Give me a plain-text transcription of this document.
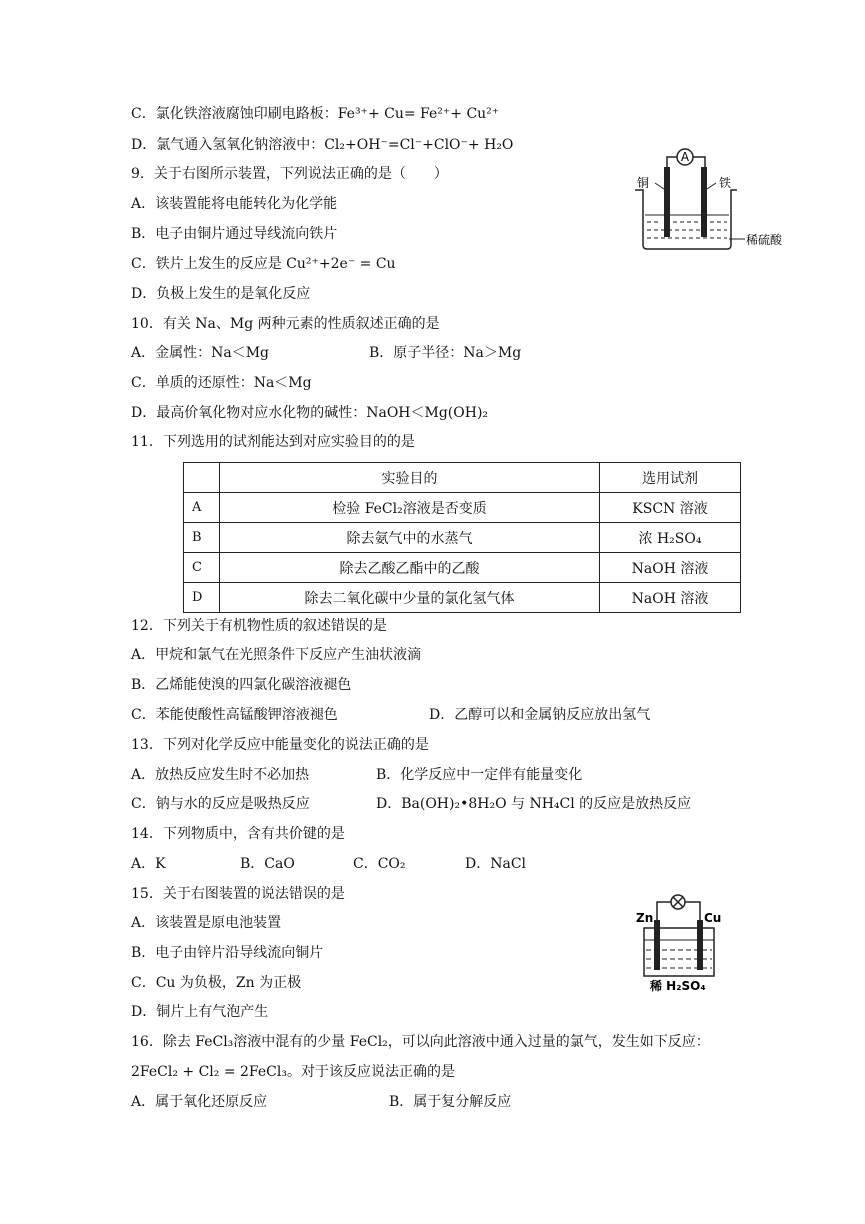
C．氯化铁溶液腐蚀印刷电路板：Fe³⁺+ Cu= Fe²⁺+ Cu²⁺
D．氯气通入氢氧化钠溶液中：Cl₂+OH⁻=Cl⁻+ClO⁻+ H₂O
9．关于右图所示装置，下列说法正确的是（　　）
A．该装置能将电能转化为化学能
B．电子由铜片通过导线流向铁片
C．铁片上发生的反应是 Cu²⁺+2e⁻ = Cu
D．负极上发生的是氧化反应
A
铜	铁
稀硫酸
10．有关 Na、Mg 两种元素的性质叙述正确的是
A．金属性：Na＜Mg	B．原子半径：Na＞Mg
C．单质的还原性：Na＜Mg
D．最高价氧化物对应水化物的碱性：NaOH＜Mg(OH)₂
11．下列选用的试剂能达到对应实验目的的是
	实验目的	选用试剂
A	检验 FeCl₂溶液是否变质	KSCN 溶液
B	除去氨气中的水蒸气	浓 H₂SO₄
C	除去乙酸乙酯中的乙酸	NaOH 溶液
D	除去二氧化碳中少量的氯化氢气体	NaOH 溶液
12．下列关于有机物性质的叙述错误的是
A．甲烷和氯气在光照条件下反应产生油状液滴
B．乙烯能使溴的四氯化碳溶液褪色
C．苯能使酸性高锰酸钾溶液褪色	D．乙醇可以和金属钠反应放出氢气
13．下列对化学反应中能量变化的说法正确的是
A．放热反应发生时不必加热	B．化学反应中一定伴有能量变化
C．钠与水的反应是吸热反应	D．Ba(OH)₂•8H₂O 与 NH₄Cl 的反应是放热反应
14．下列物质中，含有共价键的是
A．K	B．CaO	C．CO₂	D．NaCl
15．关于右图装置的说法错误的是
A．该装置是原电池装置
B．电子由锌片沿导线流向铜片
C．Cu 为负极，Zn 为正极
D．铜片上有气泡产生
Zn	Cu
稀 H₂SO₄
16．除去 FeCl₃溶液中混有的少量 FeCl₂，可以向此溶液中通入过量的氯气，发生如下反应：
2FeCl₂ + Cl₂ = 2FeCl₃。对于该反应说法正确的是
A．属于氧化还原反应	B．属于复分解反应
